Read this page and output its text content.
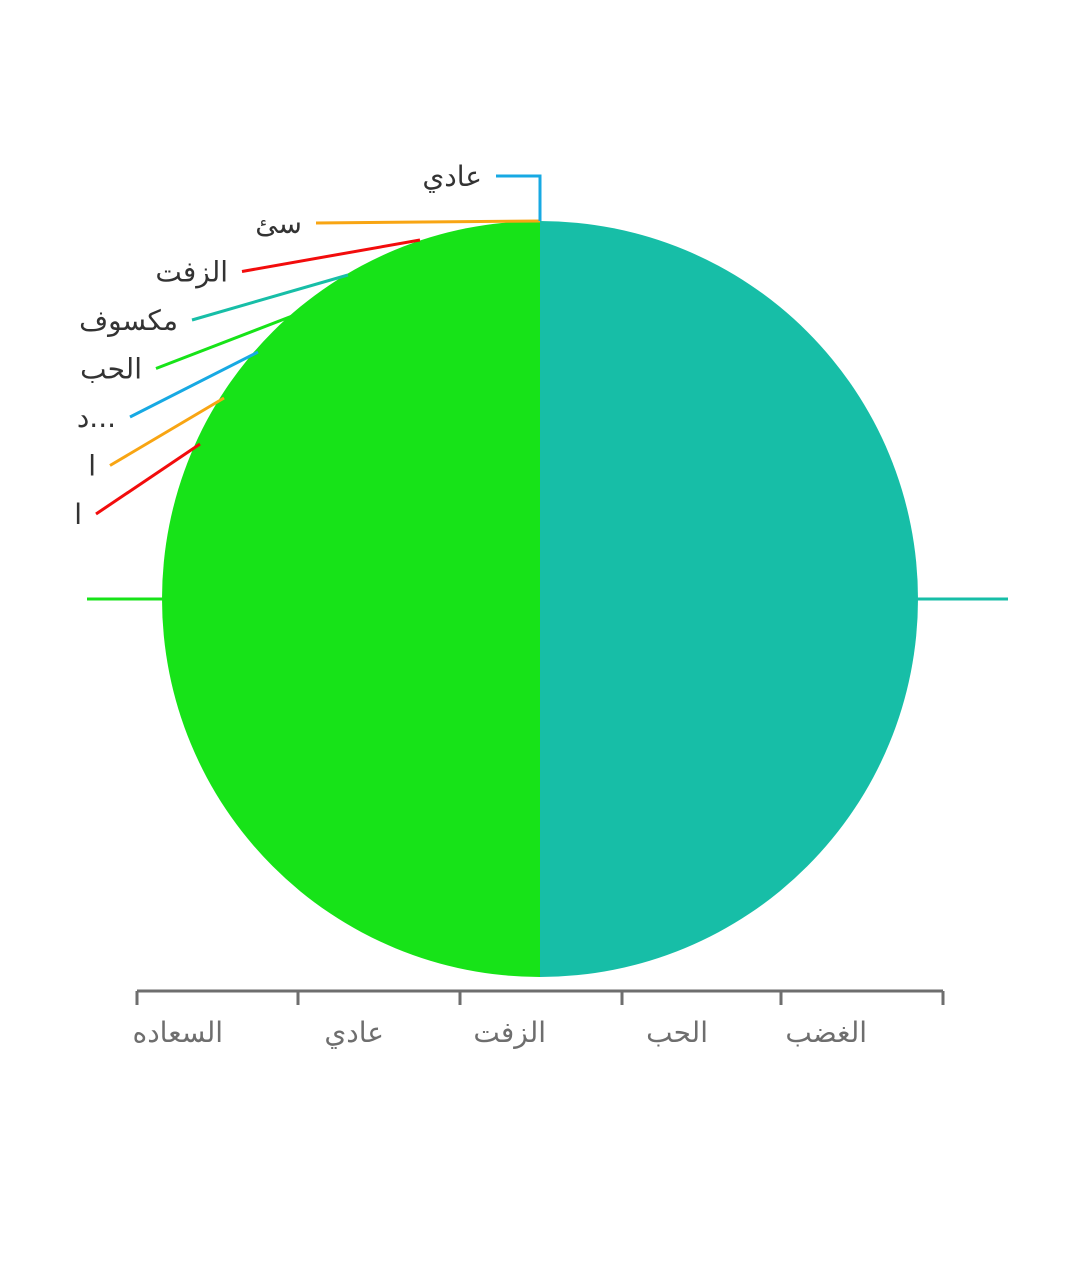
ا
ا
د...
الحب
مكسوف
الزفت
سئ
عادي
السعاده	عادي	الزفت	الحب	الغضب
